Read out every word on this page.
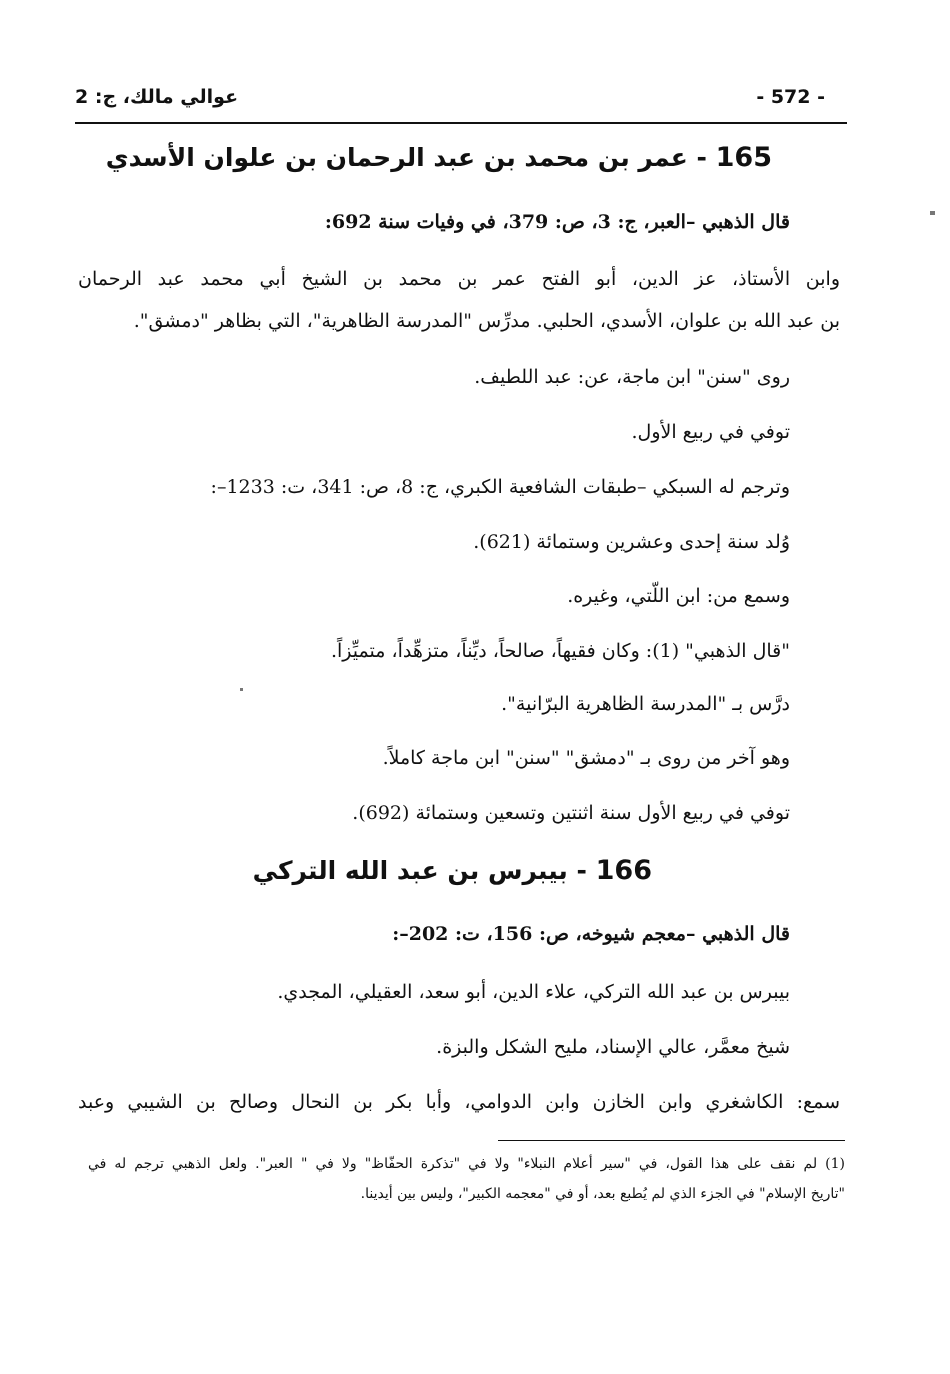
- 572 -
عوالي مالك، ج: 2
165 - عمر بن محمد بن عبد الرحمان بن علوان الأسدي
قال الذهبي –العبر، ج: 3، ص: 379، في وفيات سنة 692:
وابن الأستاذ، عز الدين، أبو الفتح عمر بن محمد بن الشيخ أبي محمد عبد الرحمان
بن عبد الله بن علوان، الأسدي، الحلبي. مدرِّس "المدرسة الظاهرية"، التي بظاهر "دمشق".
روى "سنن" ابن ماجة، عن: عبد اللطيف.
توفي في ربيع الأول.
وترجم له السبكي –طبقات الشافعية الكبري، ج: 8، ص: 341، ت: 1233–:
وُلد سنة إحدى وعشرين وستمائة (621).
وسمع من: ابن اللّتي، وغيره.
"قال الذهبي" (1): وكان فقيهاً، صالحاً، ديِّناً، متزهِّداً، متميِّزاً.
درَّس بـ "المدرسة الظاهرية البرّانية".
وهو آخر من روى بـ "دمشق" "سنن" ابن ماجة كاملاً.
توفي في ربيع الأول سنة اثنتين وتسعين وستمائة (692).
166 - بيبرس بن عبد الله التركي
قال الذهبي –معجم شيوخه، ص: 156، ت: 202–:
بيبرس بن عبد الله التركي، علاء الدين، أبو سعد، العقيلي، المجدي.
شيخ معمَّر، عالي الإسناد، مليح الشكل والبزة.
سمع: الكاشغري وابن الخازن وابن الدوامي، وأبا بكر بن النحال وصالح بن الشيبي وعبد
(1) لم نقف على هذا القول، في "سير أعلام النبلاء" ولا في "تذكرة الحفّاظ" ولا في " العبر". ولعل الذهبي ترجم له في
"تاريخ الإسلام" في الجزء الذي لم يُطبع بعد، أو في "معجمه الكبير"، وليس بين أيدينا.
